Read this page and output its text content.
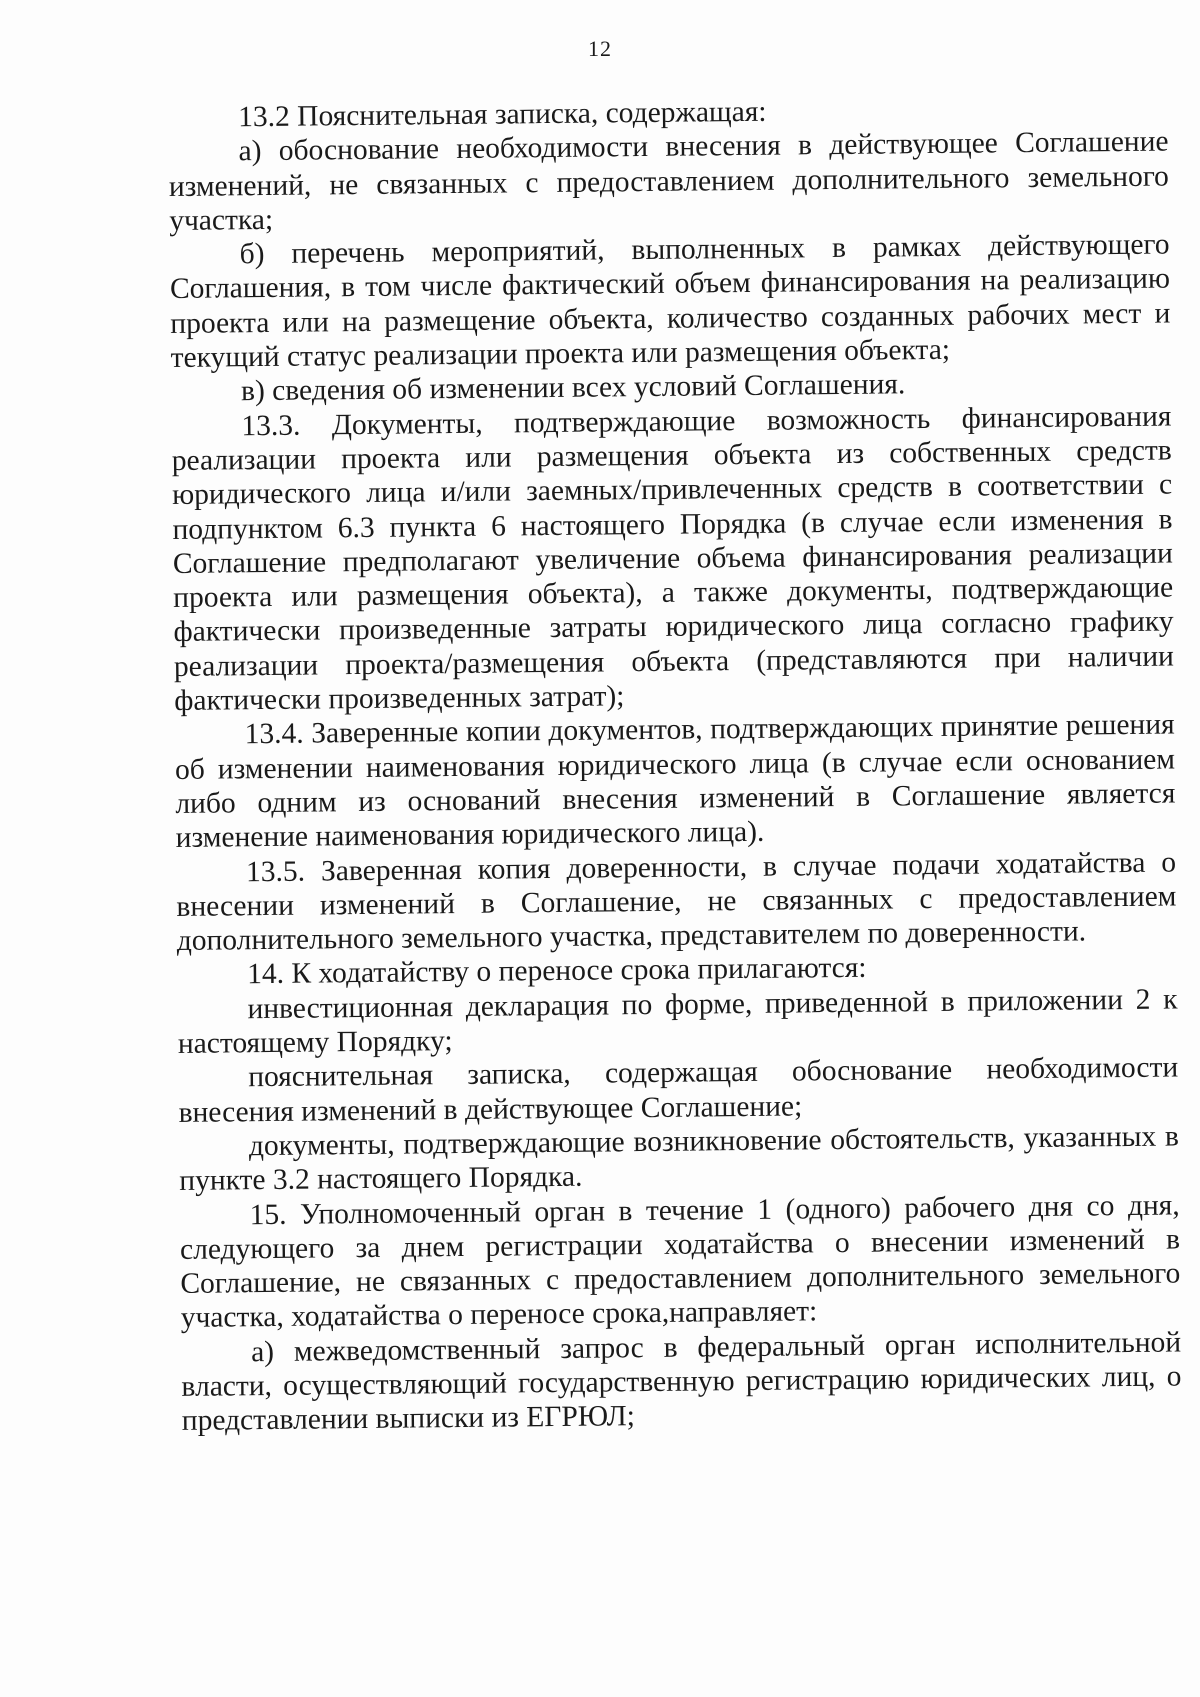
12

13.2 Пояснительная записка, содержащая:

а) обоснование необходимости внесения в действующее Соглашение изменений, не связанных с предоставлением дополнительного земельного участка;

б) перечень мероприятий, выполненных в рамках действующего Соглашения, в том числе фактический объем финансирования на реализацию проекта или на размещение объекта, количество созданных рабочих мест и текущий статус реализации проекта или размещения объекта;

в) сведения об изменении всех условий Соглашения.

13.3. Документы, подтверждающие возможность финансирования реализации проекта или размещения объекта из собственных средств юридического лица и/или заемных/привлеченных средств в соответствии с подпунктом 6.3 пункта 6 настоящего Порядка (в случае если изменения в Соглашение предполагают увеличение объема финансирования реализации проекта или размещения объекта), а также документы, подтверждающие фактически произведенные затраты юридического лица согласно графику реализации проекта/размещения объекта (представляются при наличии фактически произведенных затрат);

13.4. Заверенные копии документов, подтверждающих принятие решения об изменении наименования юридического лица (в случае если основанием либо одним из оснований внесения изменений в Соглашение является изменение наименования юридического лица).

13.5. Заверенная копия доверенности, в случае подачи ходатайства о внесении изменений в Соглашение, не связанных с предоставлением дополнительного земельного участка, представителем по доверенности.

14. К ходатайству о переносе срока прилагаются:

инвестиционная декларация по форме, приведенной в приложении 2 к настоящему Порядку;

пояснительная записка, содержащая обоснование необходимости внесения изменений в действующее Соглашение;

документы, подтверждающие возникновение обстоятельств, указанных в пункте 3.2 настоящего Порядка.

15. Уполномоченный орган в течение 1 (одного) рабочего дня со дня, следующего за днем регистрации ходатайства о внесении изменений в Соглашение, не связанных с предоставлением дополнительного земельного участка, ходатайства о переносе срока,направляет:

а) межведомственный запрос в федеральный орган исполнительной власти, осуществляющий государственную регистрацию юридических лиц, о представлении выписки из ЕГРЮЛ;
